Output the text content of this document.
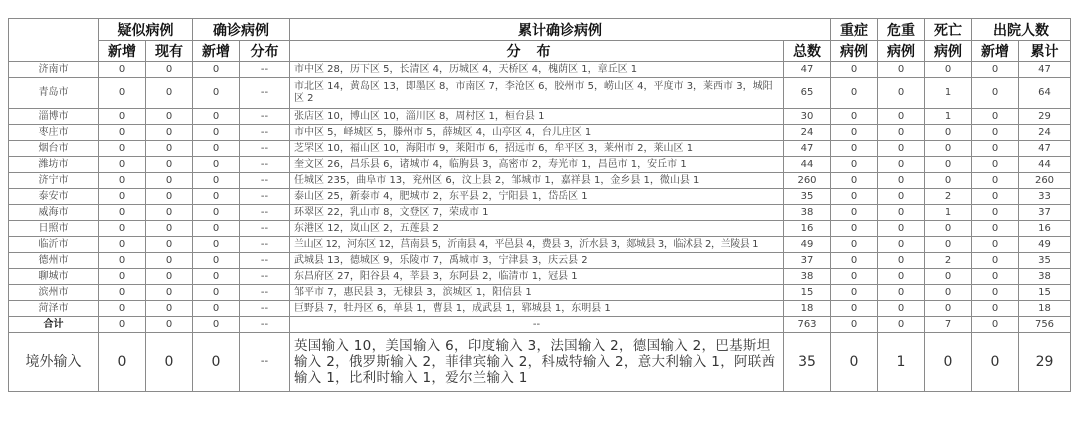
	疑似病例		确诊病例		累计确诊病例		重症	危重	死亡	出院人数	
	新增	现有	新增	分布	分布	总数	病例	病例	病例	新增	累计
济南市	0	0	0	--	市中区 28，历下区 5，长清区 4，历城区 4，天桥区 4，槐荫区 1，章丘区 1	47	0	0	0	0	47
青岛市	0	0	0	--	市北区 14，黄岛区 13，即墨区 8，市南区 7，李沧区 6，胶州市 5，崂山区 4，平度市 3，莱西市 3，城阳区 2	65	0	0	1	0	64
淄博市	0	0	0	--	张店区 10，博山区 10，淄川区 8，周村区 1，桓台县 1	30	0	0	1	0	29
枣庄市	0	0	0	--	市中区 5，峄城区 5，滕州市 5，薛城区 4，山亭区 4，台儿庄区 1	24	0	0	0	0	24
烟台市	0	0	0	--	芝罘区 10，福山区 10，海阳市 9，莱阳市 6，招远市 6，牟平区 3，莱州市 2，莱山区 1	47	0	0	0	0	47
潍坊市	0	0	0	--	奎文区 26，昌乐县 6，诸城市 4，临朐县 3，高密市 2，寿光市 1，昌邑市 1，安丘市 1	44	0	0	0	0	44
济宁市	0	0	0	--	任城区 235，曲阜市 13，兖州区 6，汶上县 2，邹城市 1，嘉祥县 1，金乡县 1，微山县 1	260	0	0	0	0	260
泰安市	0	0	0	--	泰山区 25，新泰市 4，肥城市 2，东平县 2，宁阳县 1，岱岳区 1	35	0	0	2	0	33
威海市	0	0	0	--	环翠区 22，乳山市 8，文登区 7，荣成市 1	38	0	0	1	0	37
日照市	0	0	0	--	东港区 12，岚山区 2，五莲县 2	16	0	0	0	0	16
临沂市	0	0	0	--	兰山区 12，河东区 12，莒南县 5，沂南县 4，平邑县 4，费县 3，沂水县 3，郯城县 3，临沭县 2，兰陵县 1	49	0	0	0	0	49
德州市	0	0	0	--	武城县 13，德城区 9，乐陵市 7，禹城市 3，宁津县 3，庆云县 2	37	0	0	2	0	35
聊城市	0	0	0	--	东昌府区 27，阳谷县 4，莘县 3，东阿县 2，临清市 1，冠县 1	38	0	0	0	0	38
滨州市	0	0	0	--	邹平市 7，惠民县 3，无棣县 3，滨城区 1，阳信县 1	15	0	0	0	0	15
菏泽市	0	0	0	--	巨野县 7，牡丹区 6，单县 1，曹县 1，成武县 1，郓城县 1，东明县 1	18	0	0	0	0	18
合计	0	0	0	--	--	763	0	0	7	0	756
境外输入	0	0	0	--	英国输入 10，美国输入 6，印度输入 3，法国输入 2，德国输入 2，巴基斯坦输入 2，俄罗斯输入 2，菲律宾输入 2，科威特输入 2，意大利输入 1，阿联酋输入 1，比利时输入 1，爱尔兰输入 1	35	0	1	0	0	29
